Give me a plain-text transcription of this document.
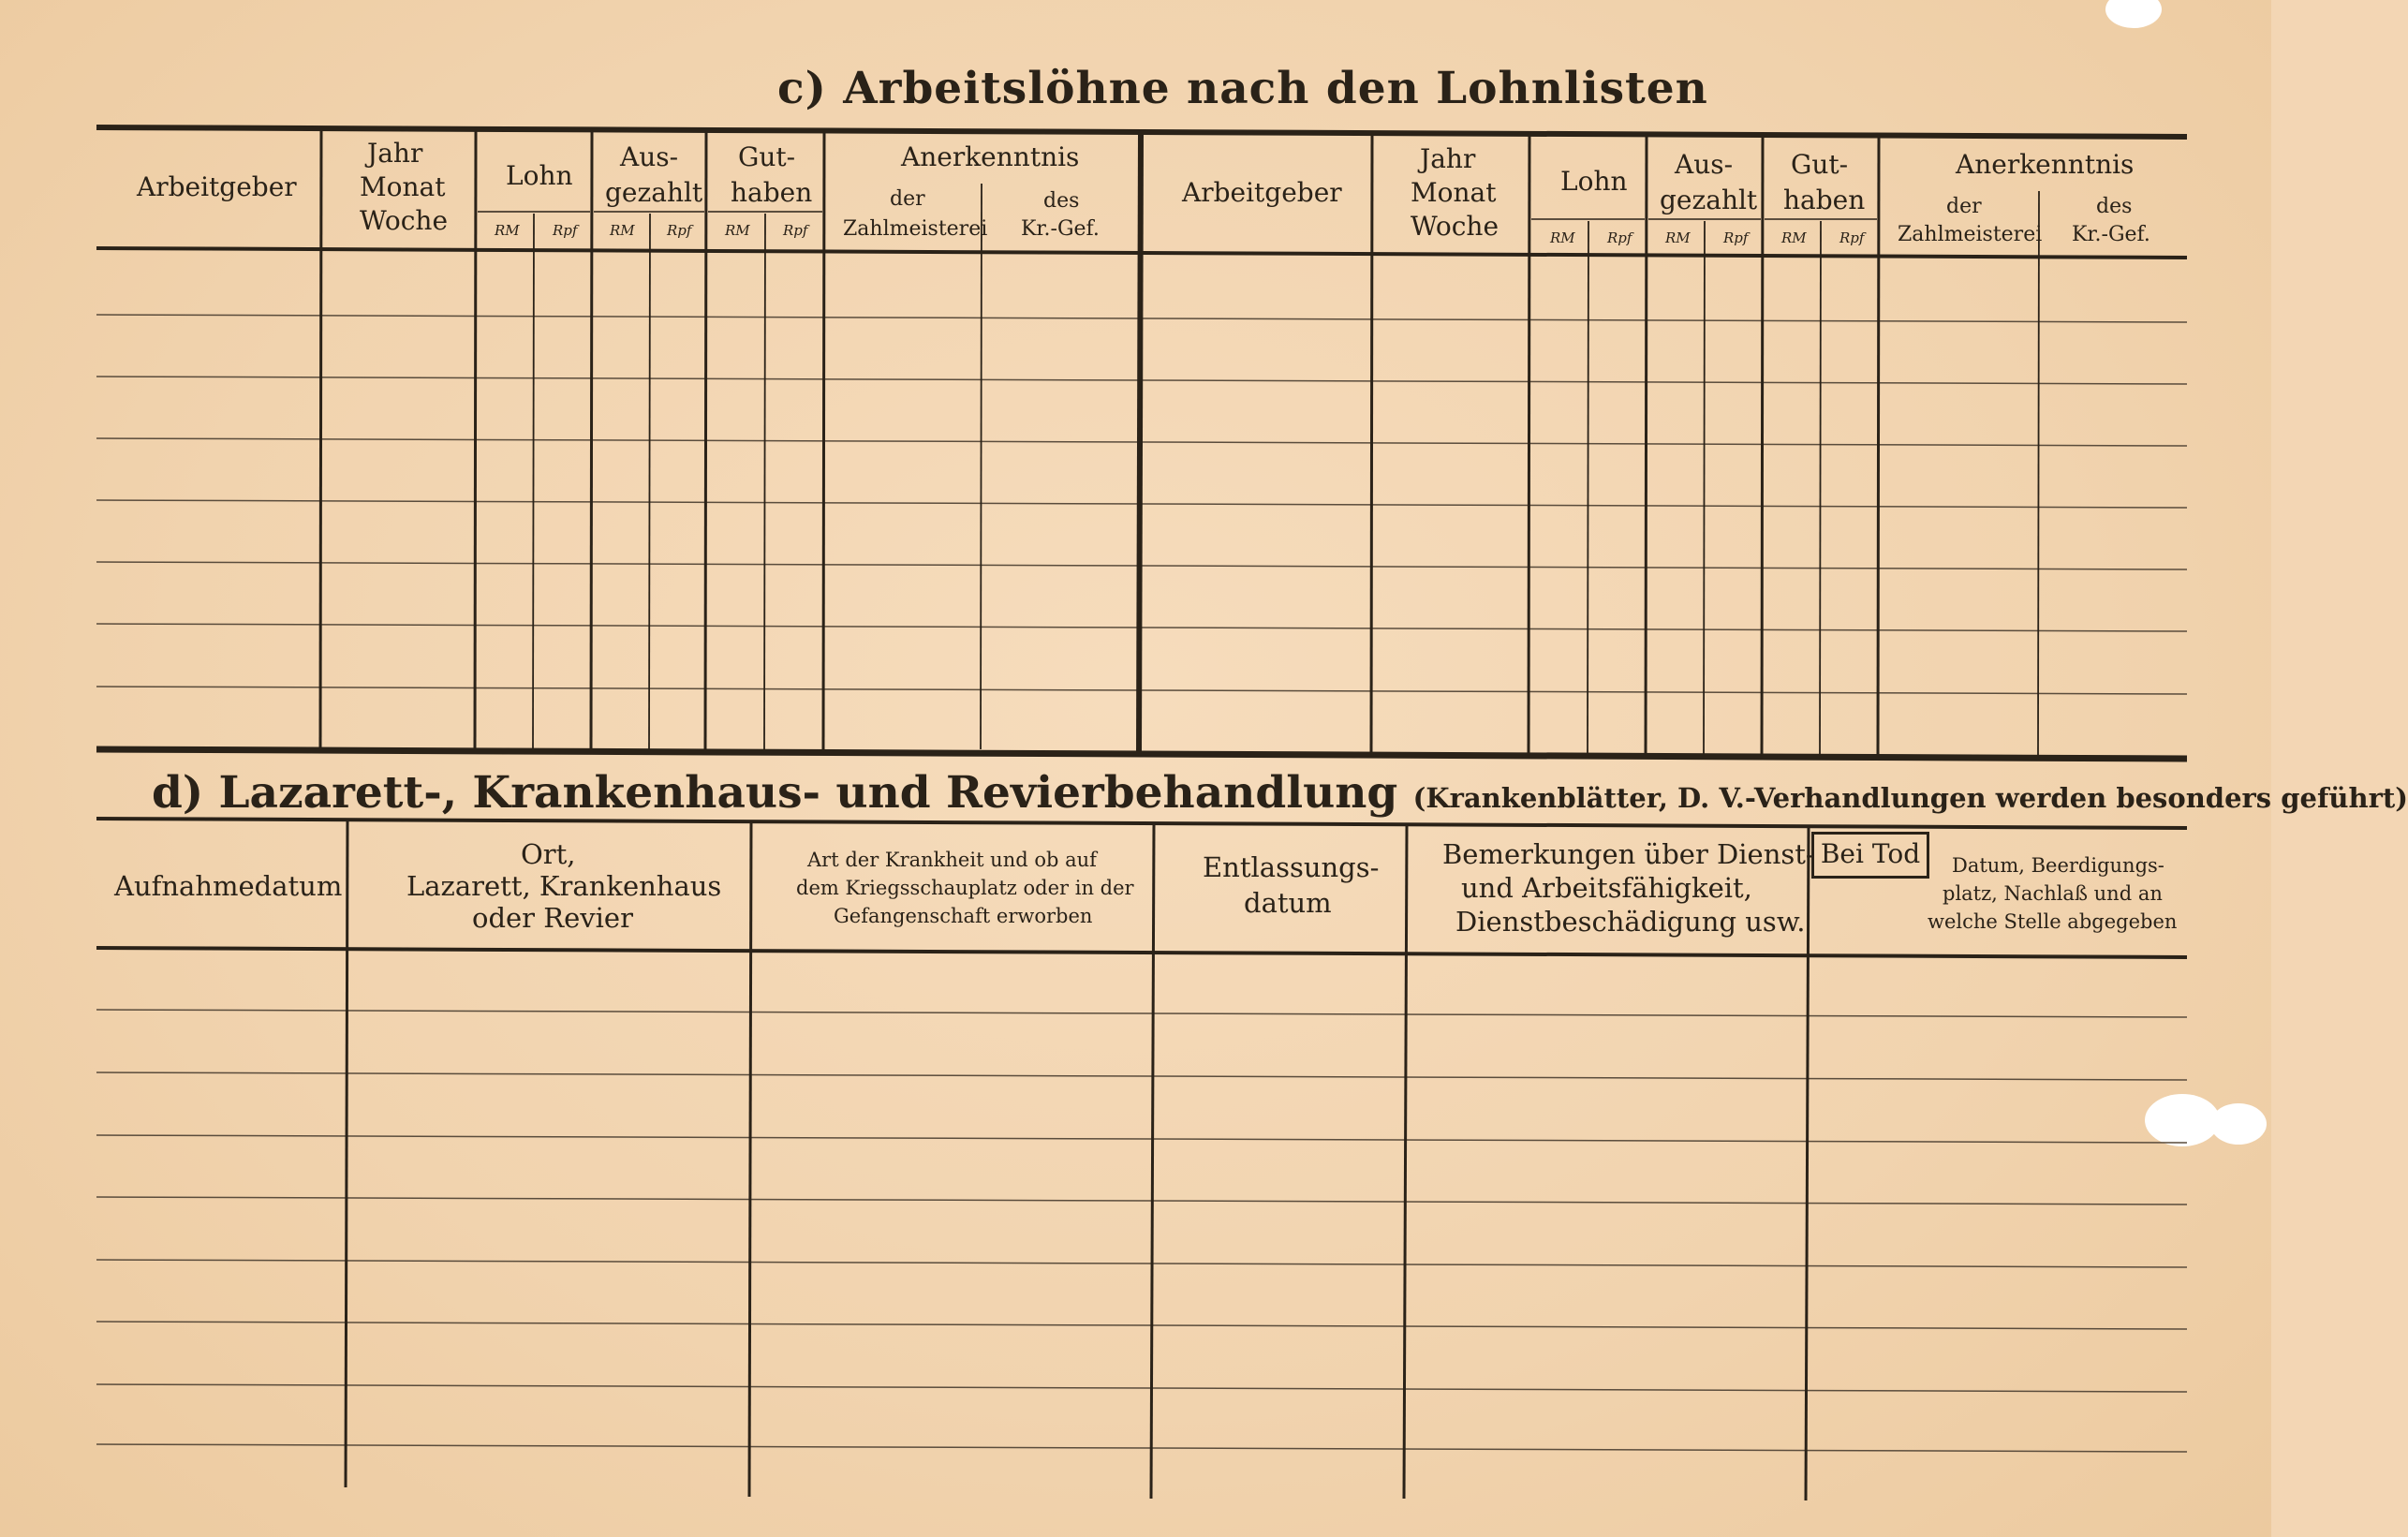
c) Arbeitslöhne nach den Lohnlisten
Arbeitgeber
Jahr
Monat
Woche
Lohn
RM Rpf
Aus-
gezahlt
RM Rpf
Gut-
haben
RM Rpf
Anerkenntnis
der
Zahlmeisterei
des
Kr.-Gef.
Arbeitgeber
Jahr
Monat
Woche
Lohn
RM Rpf
Aus-
gezahlt
RM Rpf
Gut-
haben
RM Rpf
Anerkenntnis
der
Zahlmeisterei
des
Kr.-Gef.
d) Lazarett-, Krankenhaus- und Revierbehandlung (Krankenblätter, D. V.-Verhandlungen werden besonders geführt)
Aufnahmedatum
Ort,
Lazarett, Krankenhaus
oder Revier
Art der Krankheit und ob auf
dem Kriegsschauplatz oder in der
Gefangenschaft erworben
Entlassungs-
datum
Bemerkungen über Dienst-
und Arbeitsfähigkeit,
Dienstbeschädigung usw.
Bei Tod	Datum, Beerdigungs-
platz, Nachlaß und an
welche Stelle abgegeben
